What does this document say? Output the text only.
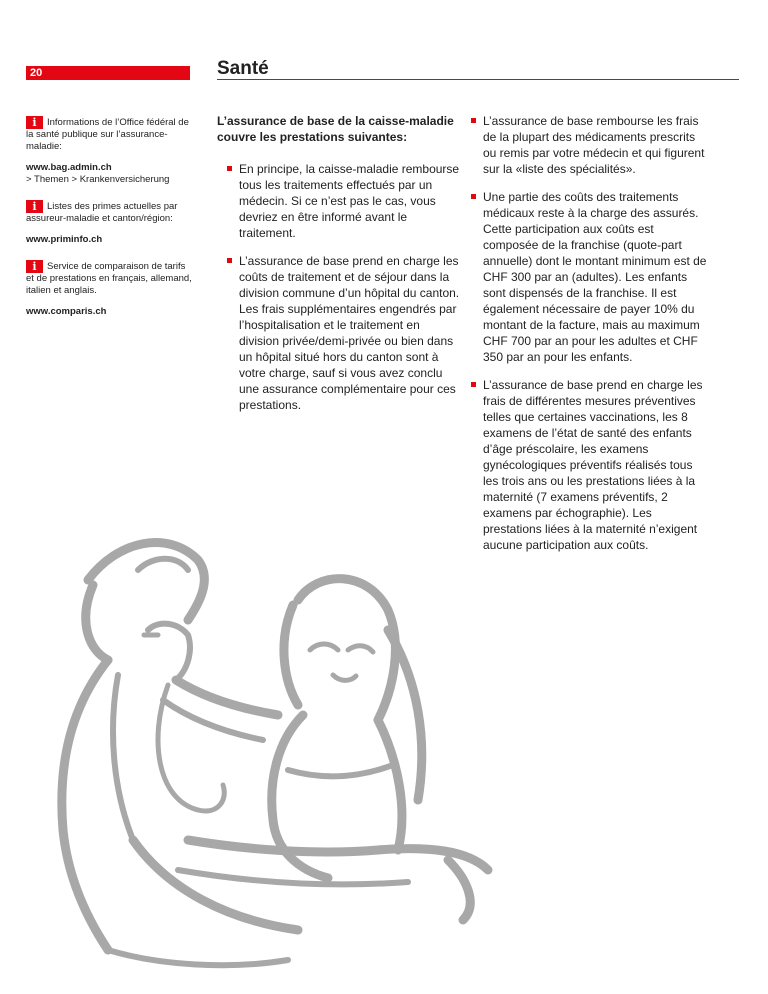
20	Santé
i Informations de l’Office fédéral de la santé publique sur l’assurance-maladie:
www.bag.admin.ch
> Themen > Krankenversicherung
i Listes des primes actuelles par assureur-maladie et canton/région:
www.priminfo.ch
i Service de comparaison de tarifs et de prestations en français, allemand, italien et anglais.
www.comparis.ch

L’assurance de base de la caisse-maladie couvre les prestations suivantes:

En principe, la caisse-maladie rembourse tous les traitements effectués par un médecin. Si ce n’est pas le cas, vous devriez en être informé avant le traitement.
L’assurance de base prend en charge les coûts de traitement et de séjour dans la division commune d’un hôpital du canton. Les frais supplémentaires engendrés par l’hospitalisation et le traitement en division privée/demi-privée ou bien dans un hôpital situé hors du canton sont à votre charge, sauf si vous avez conclu une assurance complémentaire pour ces prestations.
L’assurance de base rembourse les frais de la plupart des médicaments prescrits ou remis par votre médecin et qui figurent sur la «liste des spécialités».
Une partie des coûts des traitements médicaux reste à la charge des assurés. Cette participation aux coûts est composée de la franchise (quote-part annuelle) dont le montant minimum est de CHF 300 par an (adultes). Les enfants sont dispensés de la franchise. Il est également nécessaire de payer 10% du montant de la facture, mais au maximum CHF 700 par an pour les adultes et CHF 350 par an pour les enfants.
L’assurance de base prend en charge les frais de différentes mesures préventives telles que certaines vaccinations, les 8 examens de l’état de santé des enfants d’âge préscolaire, les examens gynécologiques préventifs réalisés tous les trois ans ou les prestations liées à la maternité (7 examens préventifs, 2 examens par échographie). Les prestations liées à la maternité n’exigent aucune participation aux coûts.
